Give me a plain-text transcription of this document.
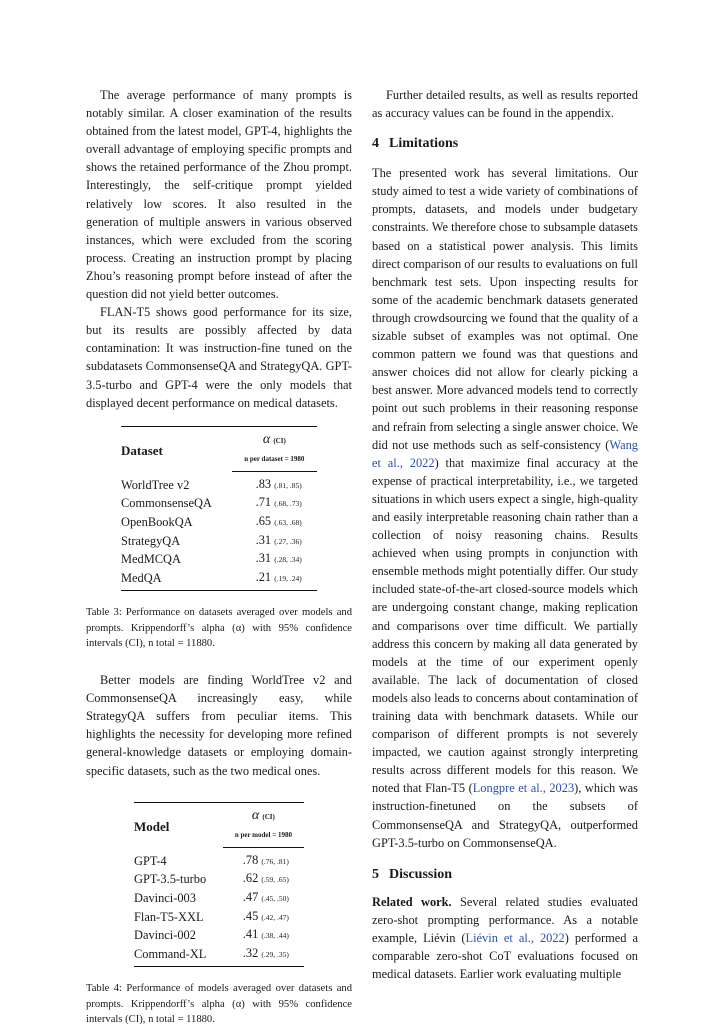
The average performance of many prompts is notably similar. A closer examination of the results obtained from the latest model, GPT-4, highlights the overall advantage of employing specific prompts and shows the retained performance of the Zhou prompt. Interestingly, the self-critique prompt yielded relatively low scores. It also resulted in the generation of multiple answers in various observed instances, which were excluded from the scoring process. Creating an instruction prompt by placing Zhou’s reasoning prompt before instead of after the question did not yield better outcomes.

FLAN-T5 shows good performance for its size, but its results are possibly affected by data contamination: It was instruction-fine tuned on the subdatasets CommonsenseQA and StrategyQA. GPT-3.5-turbo and GPT-4 were the only models that displayed decent performance on medical datasets.

Dataset	α (CI)
	n per dataset = 1980
WorldTree v2	.83 (.81, .85)
CommonsenseQA	.71 (.68, .73)
OpenBookQA	.65 (.63, .68)
StrategyQA	.31 (.27, .36)
MedMCQA	.31 (.28, .34)
MedQA	.21 (.19, .24)

Table 3: Performance on datasets averaged over models and prompts. Krippendorff’s alpha (α) with 95% confidence intervals (CI), n total = 11880.

Better models are finding WorldTree v2 and CommonsenseQA increasingly easy, while StrategyQA suffers from peculiar items. This highlights the necessity for developing more refined general-knowledge datasets or employing domain-specific datasets, such as the two medical ones.

Model	α (CI)
	n per model = 1980
GPT-4	.78 (.76, .81)
GPT-3.5-turbo	.62 (.59, .65)
Davinci-003	.47 (.45, .50)
Flan-T5-XXL	.45 (.42, .47)
Davinci-002	.41 (.38, .44)
Command-XL	.32 (.29, .35)

Table 4: Performance of models averaged over datasets and prompts. Krippendorff’s alpha (α) with 95% confidence intervals (CI), n total = 11880.

Further detailed results, as well as results reported as accuracy values can be found in the appendix.

4 Limitations

The presented work has several limitations. Our study aimed to test a wide variety of combinations of prompts, datasets, and models under budgetary constraints. We therefore chose to subsample datasets based on a statistical power analysis. This limits direct comparison of our results to evaluations on full benchmark test sets. Upon inspecting results for some of the academic benchmark datasets generated through crowdsourcing we found that the quality of a sizable subset of examples was not optimal. One common pattern we found was that questions and answer choices did not allow for clearly picking a best answer. More advanced models tend to correctly point out such problems in their reasoning response and refrain from selecting a single answer choice. We did not use methods such as self-consistency (Wang et al., 2022) that maximize final accuracy at the expense of practical interpretability, i.e., we targeted situations in which users expect a single, high-quality and easily interpretable reasoning chain rather than a collection of noisy reasoning chains. Results achieved when using prompts in conjunction with ensemble methods might potentially differ. Our study included state-of-the-art closed-source models which are undergoing constant change, making replication and comparisons over time difficult. We partially address this concern by making all data generated by models at the time of our experiment openly available. The lack of documentation of closed models also leads to concerns about contamination of training data with benchmark datasets. While our comparison of different prompts is not severely impacted, we caution against strongly interpreting results across different models for this reason. We noted that Flan-T5 (Longpre et al., 2023), which was instruction-finetuned on the subsets of CommonsenseQA and StrategyQA, outperformed GPT-3.5-turbo on CommonsenseQA.

5 Discussion

Related work. Several related studies evaluated zero-shot prompting performance. As a notable example, Liévin (Liévin et al., 2022) performed a comparable zero-shot CoT evaluations focused on medical datasets. Earlier work evaluating multiple
